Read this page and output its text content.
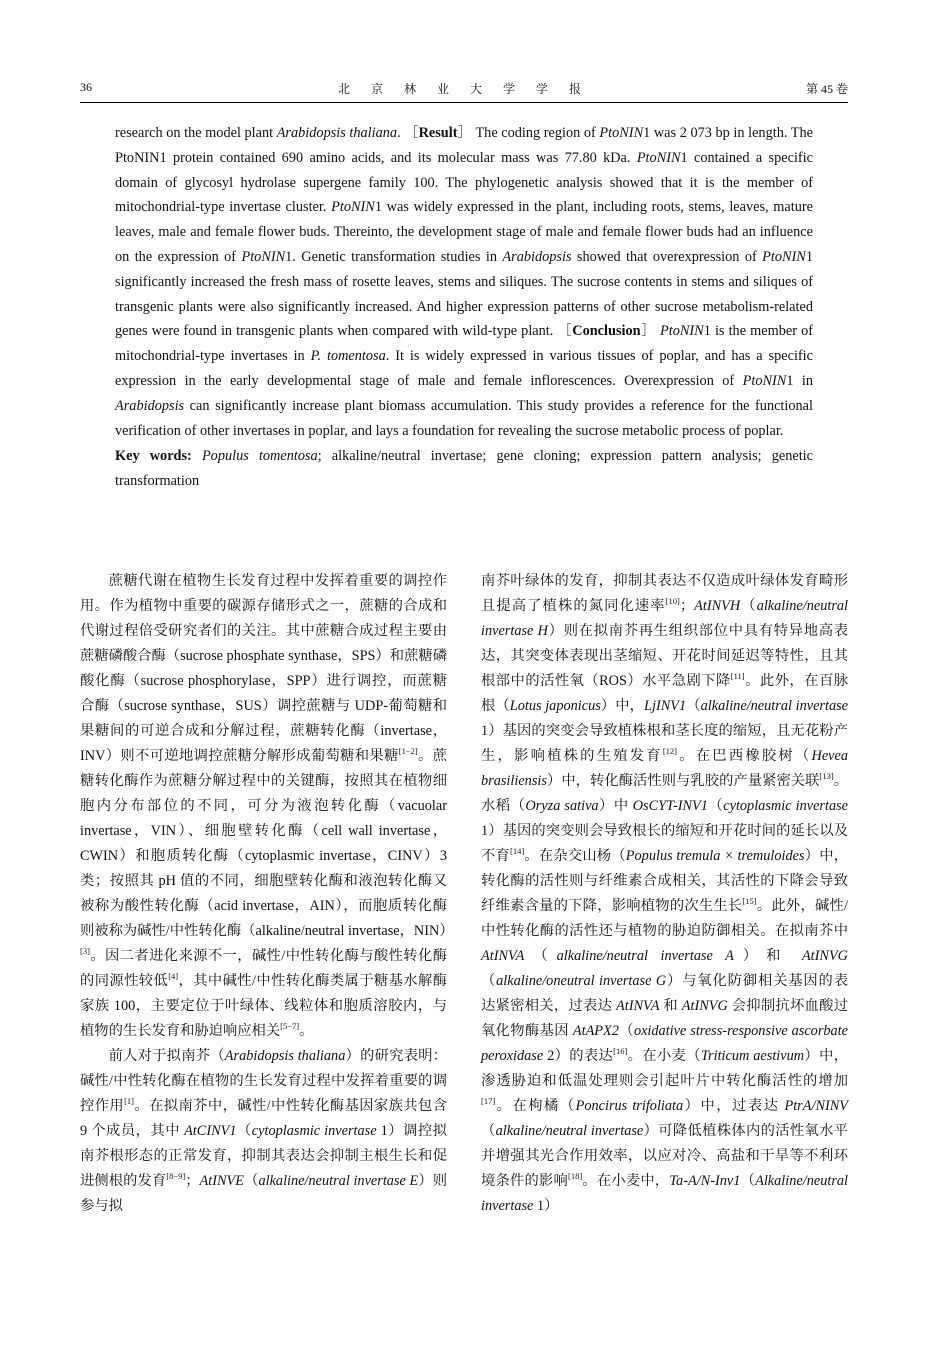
36	北 京 林 业 大 学 学 报	第 45 卷

research on the model plant Arabidopsis thaliana. ［Result］ The coding region of PtoNIN1 was 2 073 bp in length. The PtoNIN1 protein contained 690 amino acids, and its molecular mass was 77.80 kDa. PtoNIN1 contained a specific domain of glycosyl hydrolase supergene family 100. The phylogenetic analysis showed that it is the member of mitochondrial-type invertase cluster. PtoNIN1 was widely expressed in the plant, including roots, stems, leaves, mature leaves, male and female flower buds. Thereinto, the development stage of male and female flower buds had an influence on the expression of PtoNIN1. Genetic transformation studies in Arabidopsis showed that overexpression of PtoNIN1 significantly increased the fresh mass of rosette leaves, stems and siliques. The sucrose contents in stems and siliques of transgenic plants were also significantly increased. And higher expression patterns of other sucrose metabolism-related genes were found in transgenic plants when compared with wild-type plant. ［Conclusion］ PtoNIN1 is the member of mitochondrial-type invertases in P. tomentosa. It is widely expressed in various tissues of poplar, and has a specific expression in the early developmental stage of male and female inflorescences. Overexpression of PtoNIN1 in Arabidopsis can significantly increase plant biomass accumulation. This study provides a reference for the functional verification of other invertases in poplar, and lays a foundation for revealing the sucrose metabolic process of poplar.

Key words: Populus tomentosa; alkaline/neutral invertase; gene cloning; expression pattern analysis; genetic transformation

蔗糖代谢在植物生长发育过程中发挥着重要的调控作用。作为植物中重要的碳源存储形式之一，蔗糖的合成和代谢过程倍受研究者们的关注。其中蔗糖合成过程主要由蔗糖磷酸合酶（sucrose phosphate synthase，SPS）和蔗糖磷酸化酶（sucrose phosphorylase，SPP）进行调控，而蔗糖合酶（sucrose synthase，SUS）调控蔗糖与 UDP-葡萄糖和果糖间的可逆合成和分解过程，蔗糖转化酶（invertase，INV）则不可逆地调控蔗糖分解形成葡萄糖和果糖[1−2]。蔗糖转化酶作为蔗糖分解过程中的关键酶，按照其在植物细胞内分布部位的不同，可分为液泡转化酶（vacuolar invertase，VIN）、细胞壁转化酶（cell wall invertase，CWIN）和胞质转化酶（cytoplasmic invertase，CINV）3 类；按照其 pH 值的不同，细胞壁转化酶和液泡转化酶又被称为酸性转化酶（acid invertase，AIN），而胞质转化酶则被称为碱性/中性转化酶（alkaline/neutral invertase，NIN）[3]。因二者进化来源不一，碱性/中性转化酶与酸性转化酶的同源性较低[4]，其中碱性/中性转化酶类属于糖基水解酶家族 100，主要定位于叶绿体、线粒体和胞质溶胶内，与植物的生长发育和胁迫响应相关[5−7]。

前人对于拟南芥（Arabidopsis thaliana）的研究表明：碱性/中性转化酶在植物的生长发育过程中发挥着重要的调控作用[1]。在拟南芥中，碱性/中性转化酶基因家族共包含 9 个成员，其中 AtCINV1（cytoplasmic invertase 1）调控拟南芥根形态的正常发育，抑制其表达会抑制主根生长和促进侧根的发育[8−9]；AtINVE（alkaline/neutral invertase E）则参与拟

南芥叶绿体的发育，抑制其表达不仅造成叶绿体发育畸形且提高了植株的氮同化速率[10]；AtINVH（alkaline/neutral invertase H）则在拟南芥再生组织部位中具有特异地高表达，其突变体表现出茎缩短、开花时间延迟等特性，且其根部中的活性氧（ROS）水平急剧下降[11]。此外，在百脉根（Lotus japonicus）中，LjINV1（alkaline/neutral invertase 1）基因的突变会导致植株根和茎长度的缩短，且无花粉产生，影响植株的生殖发育[12]。在巴西橡胶树（Hevea brasiliensis）中，转化酶活性则与乳胶的产量紧密关联[13]。水稻（Oryza sativa）中 OsCYT-INV1（cytoplasmic invertase 1）基因的突变则会导致根长的缩短和开花时间的延长以及不育[14]。在杂交山杨（Populus tremula × tremuloides）中，转化酶的活性则与纤维素合成相关，其活性的下降会导致纤维素含量的下降，影响植物的次生生长[15]。此外，碱性/中性转化酶的活性还与植物的胁迫防御相关。在拟南芥中 AtINVA（alkaline/neutral invertase A）和 AtINVG（alkaline/oneutral invertase G）与氧化防御相关基因的表达紧密相关，过表达 AtINVA 和 AtINVG 会抑制抗坏血酸过氧化物酶基因 AtAPX2（oxidative stress-responsive ascorbate peroxidase 2）的表达[16]。在小麦（Triticum aestivum）中，渗透胁迫和低温处理则会引起叶片中转化酶活性的增加[17]。在枸橘（Poncirus trifoliata）中，过表达 PtrA/NINV（alkaline/neutral invertase）可降低植株体内的活性氧水平并增强其光合作用效率，以应对冷、高盐和干旱等不利环境条件的影响[18]。在小麦中，Ta-A/N-Inv1（Alkaline/neutral invertase 1）
